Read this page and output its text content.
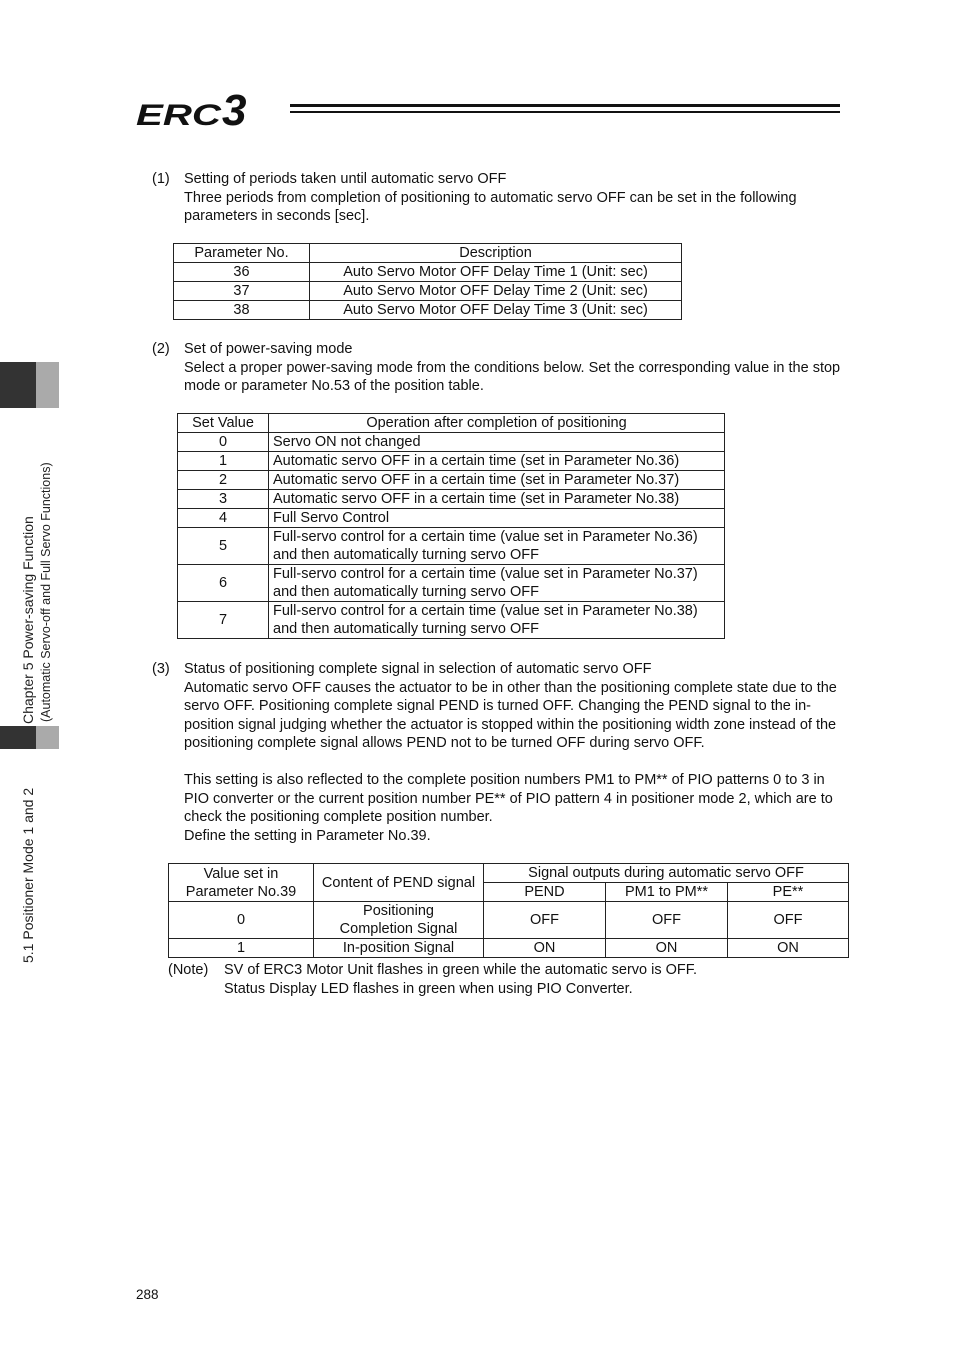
ERC 3
Chapter 5 Power-saving Function (Automatic Servo-off and Full Servo Functions)
5.1 Positioner Mode 1 and 2
(1) Setting of periods taken until automatic servo OFF
Three periods from completion of positioning to automatic servo OFF can be set in the following parameters in seconds [sec].
Parameter No.	Description
36	Auto Servo Motor OFF Delay Time 1 (Unit: sec)
37	Auto Servo Motor OFF Delay Time 2 (Unit: sec)
38	Auto Servo Motor OFF Delay Time 3 (Unit: sec)
(2) Set of power-saving mode
Select a proper power-saving mode from the conditions below. Set the corresponding value in the stop mode or parameter No.53 of the position table.
Set Value	Operation after completion of positioning
0	Servo ON not changed
1	Automatic servo OFF in a certain time (set in Parameter No.36)
2	Automatic servo OFF in a certain time (set in Parameter No.37)
3	Automatic servo OFF in a certain time (set in Parameter No.38)
4	Full Servo Control
5	Full-servo control for a certain time (value set in Parameter No.36) and then automatically turning servo OFF
6	Full-servo control for a certain time (value set in Parameter No.37) and then automatically turning servo OFF
7	Full-servo control for a certain time (value set in Parameter No.38) and then automatically turning servo OFF
(3) Status of positioning complete signal in selection of automatic servo OFF
Automatic servo OFF causes the actuator to be in other than the positioning complete state due to the servo OFF. Positioning complete signal PEND is turned OFF. Changing the PEND signal to the in-position signal judging whether the actuator is stopped within the positioning width zone instead of the positioning complete signal allows PEND not to be turned OFF during servo OFF.
This setting is also reflected to the complete position numbers PM1 to PM** of PIO patterns 0 to 3 in PIO converter or the current position number PE** of PIO pattern 4 in positioner mode 2, which are to check the positioning complete position number.
Define the setting in Parameter No.39.
Value set in Parameter No.39	Content of PEND signal	Signal outputs during automatic servo OFF		
		PEND	PM1 to PM**	PE**
0	Positioning Completion Signal	OFF	OFF	OFF
1	In-position Signal	ON	ON	ON
(Note) SV of ERC3 Motor Unit flashes in green while the automatic servo is OFF.
Status Display LED flashes in green when using PIO Converter.
288
